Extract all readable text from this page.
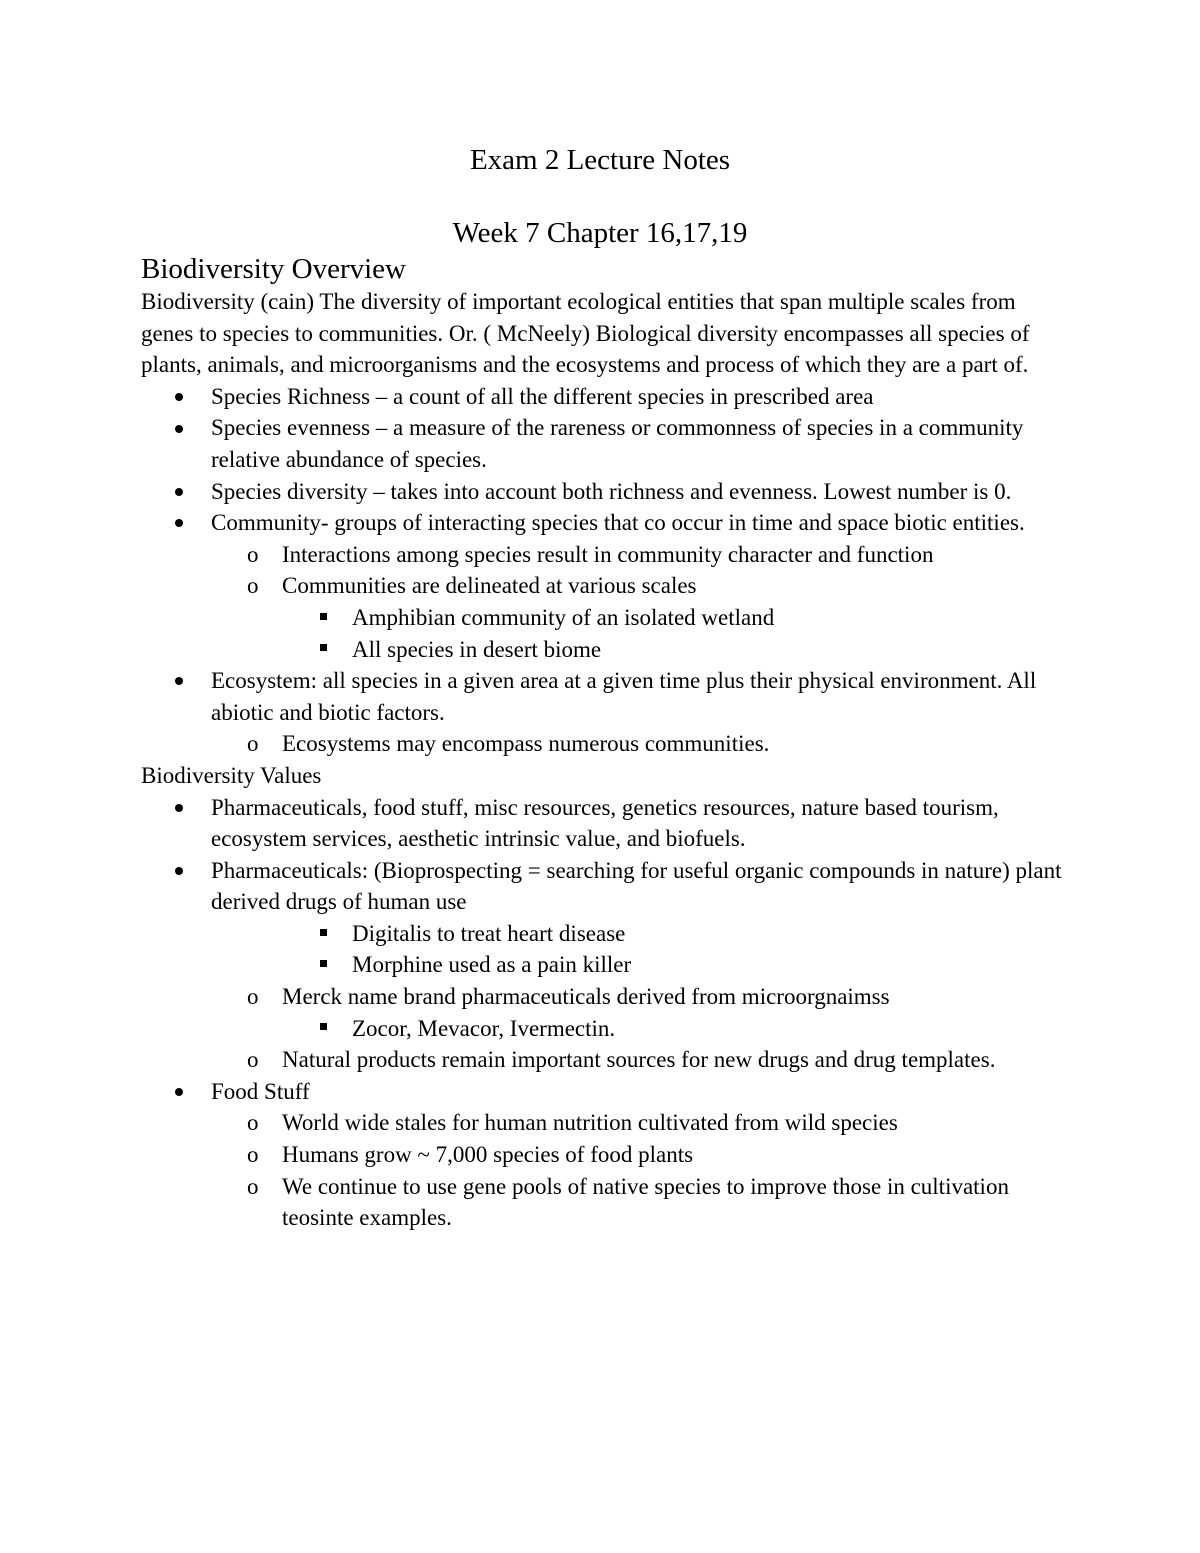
Exam 2 Lecture Notes
Week 7 Chapter 16,17,19
Biodiversity Overview

Biodiversity (cain) The diversity of important ecological entities that span multiple scales from genes to species to communities. Or. ( McNeely) Biological diversity encompasses all species of plants, animals, and microorganisms and the ecosystems and process of which they are a part of.

Species Richness – a count of all the different species in prescribed area
Species evenness – a measure of the rareness or commonness of species in a community relative abundance of species.
Species diversity – takes into account both richness and evenness. Lowest number is 0.
Community- groups of interacting species that co occur in time and space biotic entities.
o Interactions among species result in community character and function
o Communities are delineated at various scales
Amphibian community of an isolated wetland
All species in desert biome
Ecosystem: all species in a given area at a given time plus their physical environment. All abiotic and biotic factors.
o Ecosystems may encompass numerous communities.

Biodiversity Values

Pharmaceuticals, food stuff, misc resources, genetics resources, nature based tourism, ecosystem services, aesthetic intrinsic value, and biofuels.
Pharmaceuticals: (Bioprospecting = searching for useful organic compounds in nature) plant derived drugs of human use
Digitalis to treat heart disease
Morphine used as a pain killer
o Merck name brand pharmaceuticals derived from microorgnaimss
Zocor, Mevacor, Ivermectin.
o Natural products remain important sources for new drugs and drug templates.
Food Stuff
o World wide stales for human nutrition cultivated from wild species
o Humans grow ~ 7,000 species of food plants
o We continue to use gene pools of native species to improve those in cultivation teosinte examples.
